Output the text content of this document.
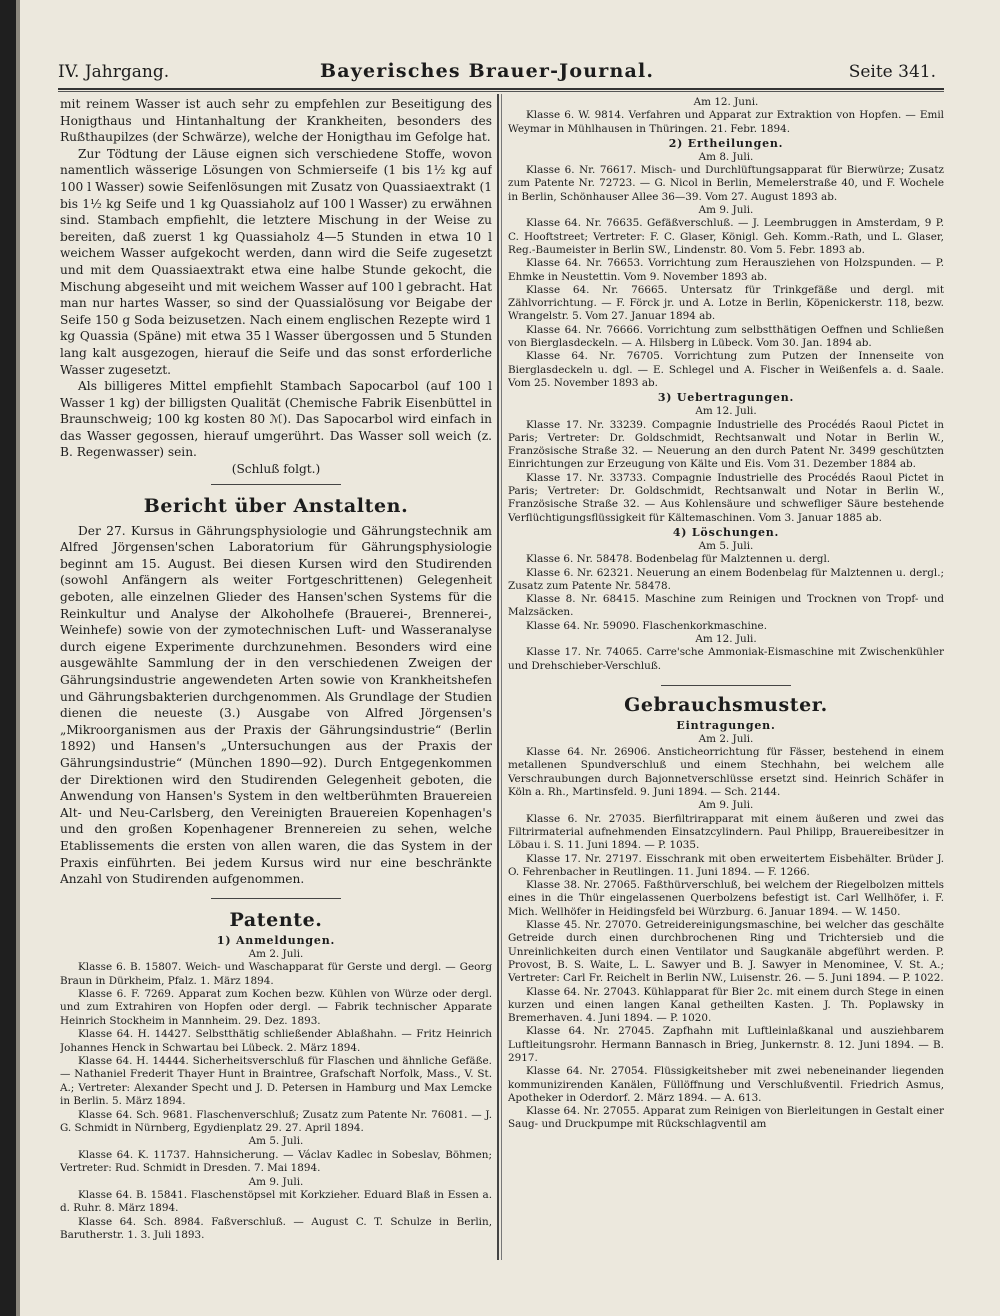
IV. Jahrgang.	Bayerisches Brauer-Journal.	Seite 341.

mit reinem Wasser ist auch sehr zu empfehlen zur Beseitigung des Honigthaus und Hintanhaltung der Krankheiten, besonders des Rußthaupilzes (der Schwärze), welche der Honigthau im Gefolge hat.

Zur Tödtung der Läuse eignen sich verschiedene Stoffe, wovon namentlich wässerige Lösungen von Schmierseife (1 bis 1½ kg auf 100 l Wasser) sowie Seifenlösungen mit Zusatz von Quassiaextrakt (1 bis 1½ kg Seife und 1 kg Quassiaholz auf 100 l Wasser) zu erwähnen sind. Stambach empfiehlt, die letztere Mischung in der Weise zu bereiten, daß zuerst 1 kg Quassiaholz 4—5 Stunden in etwa 10 l weichem Wasser aufgekocht werden, dann wird die Seife zugesetzt und mit dem Quassiaextrakt etwa eine halbe Stunde gekocht, die Mischung abgeseiht und mit weichem Wasser auf 100 l gebracht. Hat man nur hartes Wasser, so sind der Quassialösung vor Beigabe der Seife 150 g Soda beizusetzen. Nach einem englischen Rezepte wird 1 kg Quassia (Späne) mit etwa 35 l Wasser übergossen und 5 Stunden lang kalt ausgezogen, hierauf die Seife und das sonst erforderliche Wasser zugesetzt.

Als billigeres Mittel empfiehlt Stambach Sapocarbol (auf 100 l Wasser 1 kg) der billigsten Qualität (Chemische Fabrik Eisenbüttel in Braunschweig; 100 kg kosten 80 ℳ). Das Sapocarbol wird einfach in das Wasser gegossen, hierauf umgerührt. Das Wasser soll weich (z. B. Regenwasser) sein.

(Schluß folgt.)

Bericht über Anstalten.

Der 27. Kursus in Gährungsphysiologie und Gährungstechnik am Alfred Jörgensen'schen Laboratorium für Gährungsphysiologie beginnt am 15. August. Bei diesen Kursen wird den Studirenden (sowohl Anfängern als weiter Fortgeschrittenen) Gelegenheit geboten, alle einzelnen Glieder des Hansen'schen Systems für die Reinkultur und Analyse der Alkoholhefe (Brauerei-, Brennerei-, Weinhefe) sowie von der zymotechnischen Luft- und Wasseranalyse durch eigene Experimente durchzunehmen. Besonders wird eine ausgewählte Sammlung der in den verschiedenen Zweigen der Gährungsindustrie angewendeten Arten sowie von Krankheitshefen und Gährungsbakterien durchgenommen. Als Grundlage der Studien dienen die neueste (3.) Ausgabe von Alfred Jörgensen's „Mikroorganismen aus der Praxis der Gährungsindustrie“ (Berlin 1892) und Hansen's „Untersuchungen aus der Praxis der Gährungsindustrie“ (München 1890—92). Durch Entgegenkommen der Direktionen wird den Studirenden Gelegenheit geboten, die Anwendung von Hansen's System in den weltberühmten Brauereien Alt- und Neu-Carlsberg, den Vereinigten Brauereien Kopenhagen's und den großen Kopenhagener Brennereien zu sehen, welche Etablissements die ersten von allen waren, die das System in der Praxis einführten. Bei jedem Kursus wird nur eine beschränkte Anzahl von Studirenden aufgenommen.

Patente.
1) Anmeldungen.

Am 2. Juli.

Klasse 6. B. 15807. Weich- und Waschapparat für Gerste und dergl. — Georg Braun in Dürkheim, Pfalz. 1. März 1894.

Klasse 6. F. 7269. Apparat zum Kochen bezw. Kühlen von Würze oder dergl. und zum Extrahiren von Hopfen oder dergl. — Fabrik technischer Apparate Heinrich Stockheim in Mannheim. 29. Dez. 1893.

Klasse 64. H. 14427. Selbstthätig schließender Ablaßhahn. — Fritz Heinrich Johannes Henck in Schwartau bei Lübeck. 2. März 1894.

Klasse 64. H. 14444. Sicherheitsverschluß für Flaschen und ähnliche Gefäße. — Nathaniel Frederit Thayer Hunt in Braintree, Grafschaft Norfolk, Mass., V. St. A.; Vertreter: Alexander Specht und J. D. Petersen in Hamburg und Max Lemcke in Berlin. 5. März 1894.

Klasse 64. Sch. 9681. Flaschenverschluß; Zusatz zum Patente Nr. 76081. — J. G. Schmidt in Nürnberg, Egydienplatz 29. 27. April 1894.

Am 5. Juli.

Klasse 64. K. 11737. Hahnsicherung. — Václav Kadlec in Sobeslav, Böhmen; Vertreter: Rud. Schmidt in Dresden. 7. Mai 1894.

Am 9. Juli.

Klasse 64. B. 15841. Flaschenstöpsel mit Korkzieher. Eduard Blaß in Essen a. d. Ruhr. 8. März 1894.

Klasse 64. Sch. 8984. Faßverschluß. — August C. T. Schulze in Berlin, Barutherstr. 1. 3. Juli 1893.

Am 12. Juni.

Klasse 6. W. 9814. Verfahren und Apparat zur Extraktion von Hopfen. — Emil Weymar in Mühlhausen in Thüringen. 21. Febr. 1894.

2) Ertheilungen.

Am 8. Juli.

Klasse 6. Nr. 76617. Misch- und Durchlüftungsapparat für Bierwürze; Zusatz zum Patente Nr. 72723. — G. Nicol in Berlin, Memelerstraße 40, und F. Wochele in Berlin, Schönhauser Allee 36—39. Vom 27. August 1893 ab.

Am 9. Juli.

Klasse 64. Nr. 76635. Gefäßverschluß. — J. Leembruggen in Amsterdam, 9 P. C. Hooftstreet; Vertreter: F. C. Glaser, Königl. Geh. Komm.-Rath, und L. Glaser, Reg.-Baumeister in Berlin SW., Lindenstr. 80. Vom 5. Febr. 1893 ab.

Klasse 64. Nr. 76653. Vorrichtung zum Herausziehen von Holzspunden. — P. Ehmke in Neustettin. Vom 9. November 1893 ab.

Klasse 64. Nr. 76665. Untersatz für Trinkgefäße und dergl. mit Zählvorrichtung. — F. Förck jr. und A. Lotze in Berlin, Köpenickerstr. 118, bezw. Wrangelstr. 5. Vom 27. Januar 1894 ab.

Klasse 64. Nr. 76666. Vorrichtung zum selbstthätigen Oeffnen und Schließen von Bierglasdeckeln. — A. Hilsberg in Lübeck. Vom 30. Jan. 1894 ab.

Klasse 64. Nr. 76705. Vorrichtung zum Putzen der Innenseite von Bierglasdeckeln u. dgl. — E. Schlegel und A. Fischer in Weißenfels a. d. Saale. Vom 25. November 1893 ab.

3) Uebertragungen.

Am 12. Juli.

Klasse 17. Nr. 33239. Compagnie Industrielle des Procédés Raoul Pictet in Paris; Vertreter: Dr. Goldschmidt, Rechtsanwalt und Notar in Berlin W., Französische Straße 32. — Neuerung an den durch Patent Nr. 3499 geschützten Einrichtungen zur Erzeugung von Kälte und Eis. Vom 31. Dezember 1884 ab.

Klasse 17. Nr. 33733. Compagnie Industrielle des Procédés Raoul Pictet in Paris; Vertreter: Dr. Goldschmidt, Rechtsanwalt und Notar in Berlin W., Französische Straße 32. — Aus Kohlensäure und schwefliger Säure bestehende Verflüchtigungsflüssigkeit für Kältemaschinen. Vom 3. Januar 1885 ab.

4) Löschungen.

Am 5. Juli.

Klasse 6. Nr. 58478. Bodenbelag für Malztennen u. dergl.

Klasse 6. Nr. 62321. Neuerung an einem Bodenbelag für Malztennen u. dergl.; Zusatz zum Patente Nr. 58478.

Klasse 8. Nr. 68415. Maschine zum Reinigen und Trocknen von Tropf- und Malzsäcken.

Klasse 64. Nr. 59090. Flaschenkorkmaschine.

Am 12. Juli.

Klasse 17. Nr. 74065. Carre'sche Ammoniak-Eismaschine mit Zwischenkühler und Drehschieber-Verschluß.

Gebrauchsmuster.
Eintragungen.

Am 2. Juli.

Klasse 64. Nr. 26906. Ansticheorrichtung für Fässer, bestehend in einem metallenen Spundverschluß und einem Stechhahn, bei welchem alle Verschraubungen durch Bajonnetverschlüsse ersetzt sind. Heinrich Schäfer in Köln a. Rh., Martinsfeld. 9. Juni 1894. — Sch. 2144.

Am 9. Juli.

Klasse 6. Nr. 27035. Bierfiltrirapparat mit einem äußeren und zwei das Filtrirmaterial aufnehmenden Einsatzcylindern. Paul Philipp, Brauereibesitzer in Löbau i. S. 11. Juni 1894. — P. 1035.

Klasse 17. Nr. 27197. Eisschrank mit oben erweitertem Eisbehälter. Brüder J. O. Fehrenbacher in Reutlingen. 11. Juni 1894. — F. 1266.

Klasse 38. Nr. 27065. Faßthürverschluß, bei welchem der Riegelbolzen mittels eines in die Thür eingelassenen Querbolzens befestigt ist. Carl Wellhöfer, i. F. Mich. Wellhöfer in Heidingsfeld bei Würzburg. 6. Januar 1894. — W. 1450.

Klasse 45. Nr. 27070. Getreidereinigungsmaschine, bei welcher das geschälte Getreide durch einen durchbrochenen Ring und Trichtersieb und die Unreinlichkeiten durch einen Ventilator und Saugkanäle abgeführt werden. P. Provost, B. S. Waite, L. L. Sawyer und B. J. Sawyer in Menominee, V. St. A.; Vertreter: Carl Fr. Reichelt in Berlin NW., Luisenstr. 26. — 5. Juni 1894. — P. 1022.

Klasse 64. Nr. 27043. Kühlapparat für Bier 2c. mit einem durch Stege in einen kurzen und einen langen Kanal getheilten Kasten. J. Th. Poplawsky in Bremerhaven. 4. Juni 1894. — P. 1020.

Klasse 64. Nr. 27045. Zapfhahn mit Luftleinlaßkanal und ausziehbarem Luftleitungsrohr. Hermann Bannasch in Brieg, Junkernstr. 8. 12. Juni 1894. — B. 2917.

Klasse 64. Nr. 27054. Flüssigkeitsheber mit zwei nebeneinander liegenden kommunizirenden Kanälen, Füllöffnung und Verschlußventil. Friedrich Asmus, Apotheker in Oderdorf. 2. März 1894. — A. 613.

Klasse 64. Nr. 27055. Apparat zum Reinigen von Bierleitungen in Gestalt einer Saug- und Druckpumpe mit Rückschlagventil am
